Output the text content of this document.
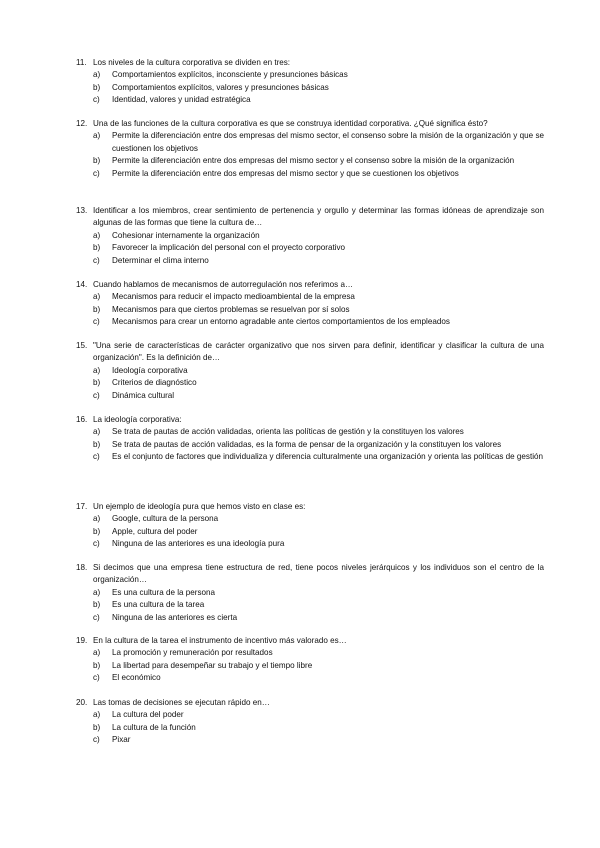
11. Los niveles de la cultura corporativa se dividen en tres:
a)	Comportamientos explícitos, inconsciente y presunciones básicas
b)	Comportamientos explícitos, valores y presunciones básicas
c)	Identidad, valores y unidad estratégica
12. Una de las funciones de la cultura corporativa es que se construya identidad corporativa. ¿Qué significa ésto?
a)	Permite la diferenciación entre dos empresas del mismo sector, el consenso sobre la misión de la organización y que se cuestionen los objetivos
b)	Permite la diferenciación entre dos empresas del mismo sector y el consenso sobre la misión de la organización
c)	Permite la diferenciación entre dos empresas del mismo sector y que se cuestionen los objetivos
13. Identificar a los miembros, crear sentimiento de pertenencia y orgullo y determinar las formas idóneas de aprendizaje son algunas de las formas que tiene la cultura de…
a)	Cohesionar internamente la organización
b)	Favorecer la implicación del personal con el proyecto corporativo
c)	Determinar el clima interno
14. Cuando hablamos de mecanismos de autorregulación nos referimos a…
a)	Mecanismos para reducir el impacto medioambiental de la empresa
b)	Mecanismos para que ciertos problemas se resuelvan por sí solos
c)	Mecanismos para crear un entorno agradable ante ciertos comportamientos de los empleados
15. "Una serie de características de carácter organizativo que nos sirven para definir, identificar y clasificar la cultura de una organización". Es la definición de…
a)	Ideología corporativa
b)	Criterios de diagnóstico
c)	Dinámica cultural
16. La ideología corporativa:
a)	Se trata de pautas de acción validadas, orienta las políticas de gestión y la constituyen los valores
b)	Se trata de pautas de acción validadas, es la forma de pensar de la organización y la constituyen los valores
c)	Es el conjunto de factores que individualiza y diferencia culturalmente una organización y orienta las políticas de gestión
17. Un ejemplo de ideología pura que hemos visto en clase es:
a)	Google, cultura de la persona
b)	Apple, cultura del poder
c)	Ninguna de las anteriores es una ideología pura
18. Si decimos que una empresa tiene estructura de red, tiene pocos niveles jerárquicos y los individuos son el centro de la organización…
a)	Es una cultura de la persona
b)	Es una cultura de la tarea
c)	Ninguna de las anteriores es cierta
19. En la cultura de la tarea el instrumento de incentivo más valorado es…
a)	La promoción y remuneración por resultados
b)	La libertad para desempeñar su trabajo y el tiempo libre
c)	El económico
20. Las tomas de decisiones se ejecutan rápido en…
a)	La cultura del poder
b)	La cultura de la función
c)	Pixar
